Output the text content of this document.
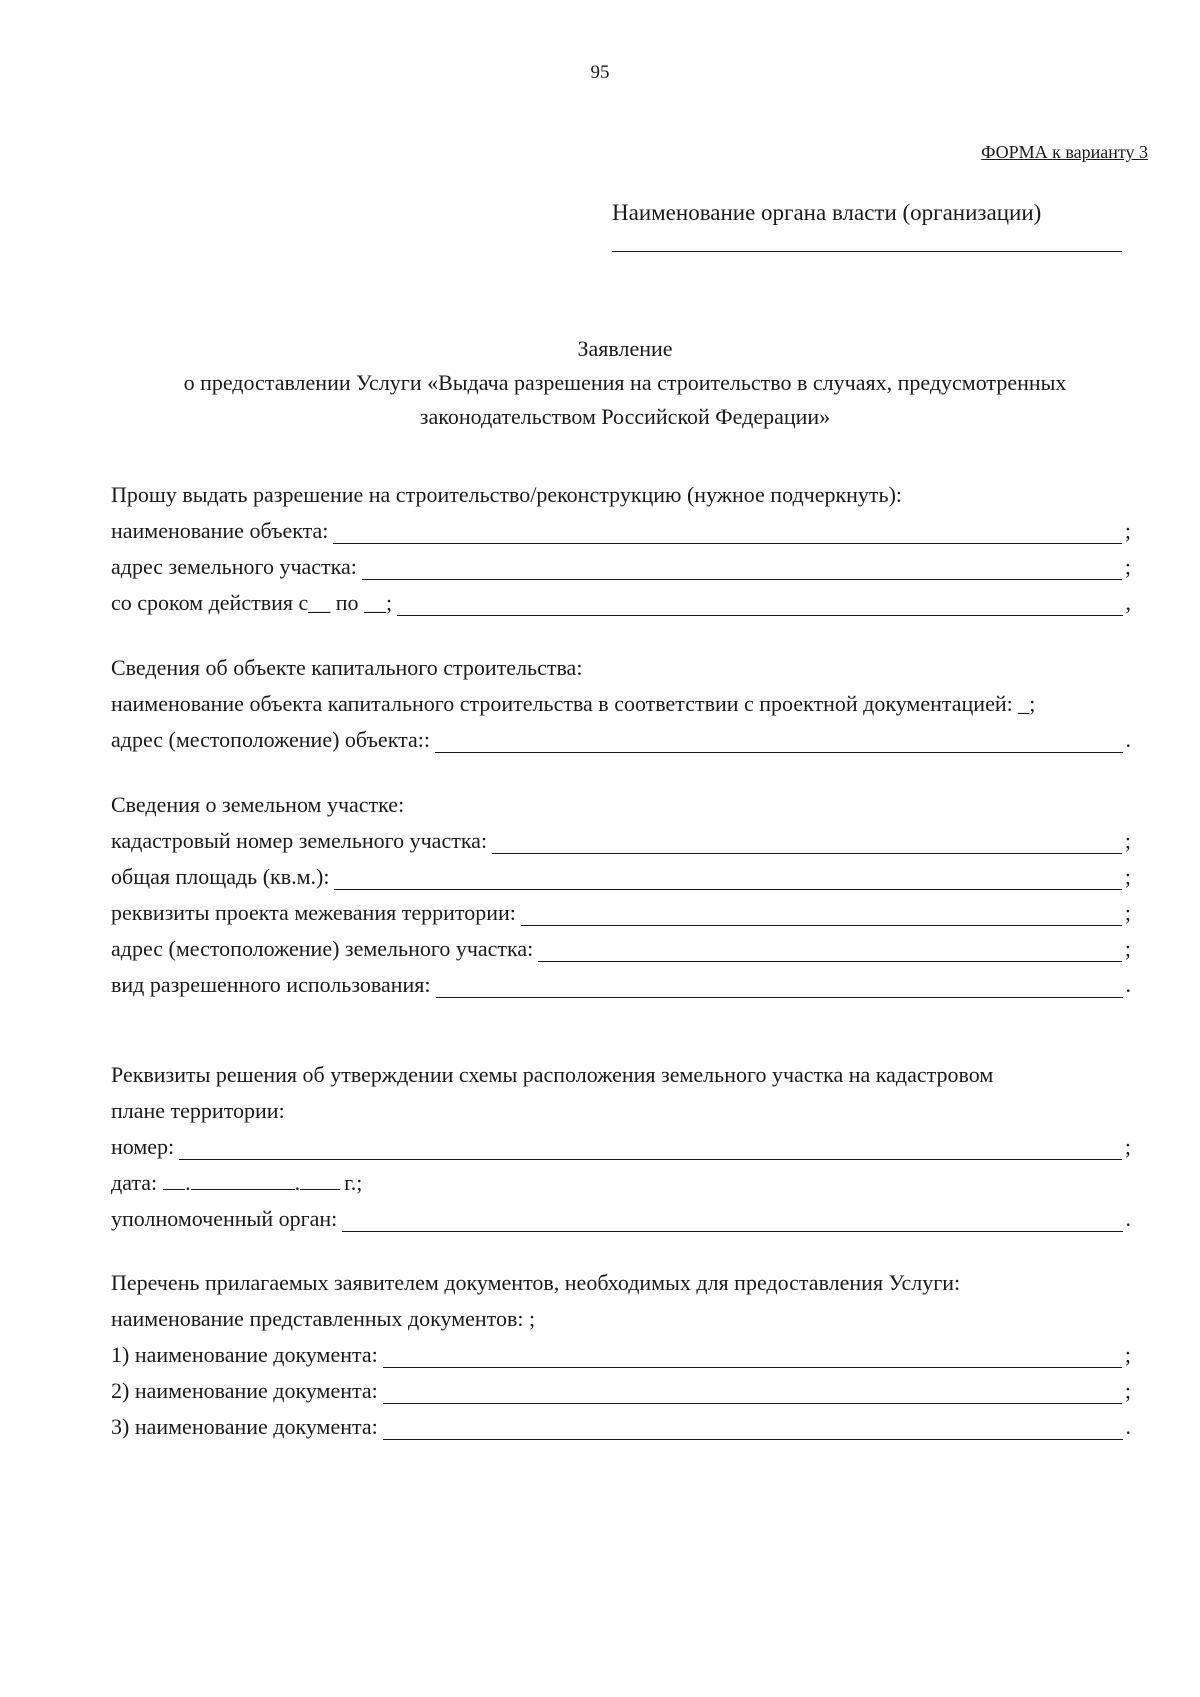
95
ФОРМА к варианту 3
Наименование органа власти (организации)
Заявление
о предоставлении Услуги «Выдача разрешения на строительство в случаях, предусмотренных
законодательством Российской Федерации»
Прошу выдать разрешение на строительство/реконструкцию (нужное подчеркнуть):
наименование объекта:	;
адрес земельного участка:	;
со сроком действия с__ по __;	,
Сведения об объекте капитального строительства:
наименование объекта капитального строительства в соответствии с проектной документацией: _;
адрес (местоположение) объекта::	.
Сведения о земельном участке:
кадастровый номер земельного участка:	;
общая площадь (кв.м.):	;
реквизиты проекта межевания территории:	;
адрес (местоположение) земельного участка:	;
вид разрешенного использования:	.
Реквизиты решения об утверждении схемы расположения земельного участка на кадастровом
плане территории:
номер:	;
дата: .	. г.;
уполномоченный орган:	.
Перечень прилагаемых заявителем документов, необходимых для предоставления Услуги:
наименование представленных документов: ;
1) наименование документа:	;
2) наименование документа:	;
3) наименование документа:	.
